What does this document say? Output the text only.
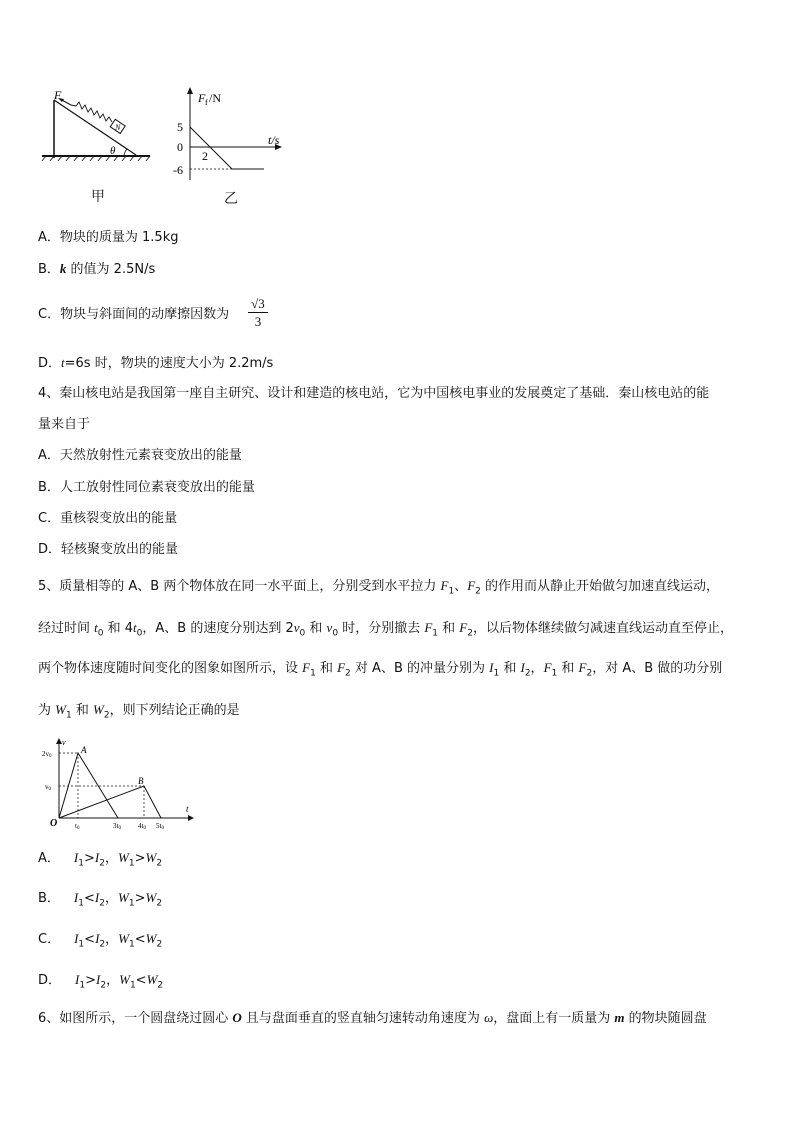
F
N
θ
甲
F f /N
t/s
5
0
2
-6
乙
A．物块的质量为 1.5kg
B．k 的值为 2.5N/s
C．物块与斜面间的动摩擦因数为 $\frac{√3}{3}$
D．t=6s 时，物块的速度大小为 2.2m/s
4、秦山核电站是我国第一座自主研究、设计和建造的核电站，它为中国核电事业的发展奠定了基础．秦山核电站的能
量来自于
A．天然放射性元素衰变放出的能量
B．人工放射性同位素衰变放出的能量
C．重核裂变放出的能量
D．轻核聚变放出的能量
5、质量相等的 A、B 两个物体放在同一水平面上，分别受到水平拉力 $F_1$、$F_2$ 的作用而从静止开始做匀加速直线运动，
经过时间 $t_0$ 和 $4t_0$，A、B 的速度分别达到 $2v_0$ 和 $v_0$ 时，分别撤去 $F_1$ 和 $F_2$，以后物体继续做匀减速直线运动直至停止，
两个物体速度随时间变化的图象如图所示，设 $F_1$ 和 $F_2$ 对 A、B 的冲量分别为 $I_1$ 和 $I_2$，$F_1$ 和 $F_2$，对 A、B 做的功分别
为 $W_1$ 和 $W_2$，则下列结论正确的是
v
t
O
A
B
2v0
v0
t0	3t0 4t0 5t0
A． $I_1>I_2$，$W_1>W_2$
B． $I_1<I_2$，$W_1>W_2$
C． $I_1<I_2$，$W_1<W_2$
D． $I_1>I_2$，$W_1<W_2$
6、如图所示，一个圆盘绕过圆心 O 且与盘面垂直的竖直轴匀速转动角速度为 ω，盘面上有一质量为 m 的物块随圆盘
